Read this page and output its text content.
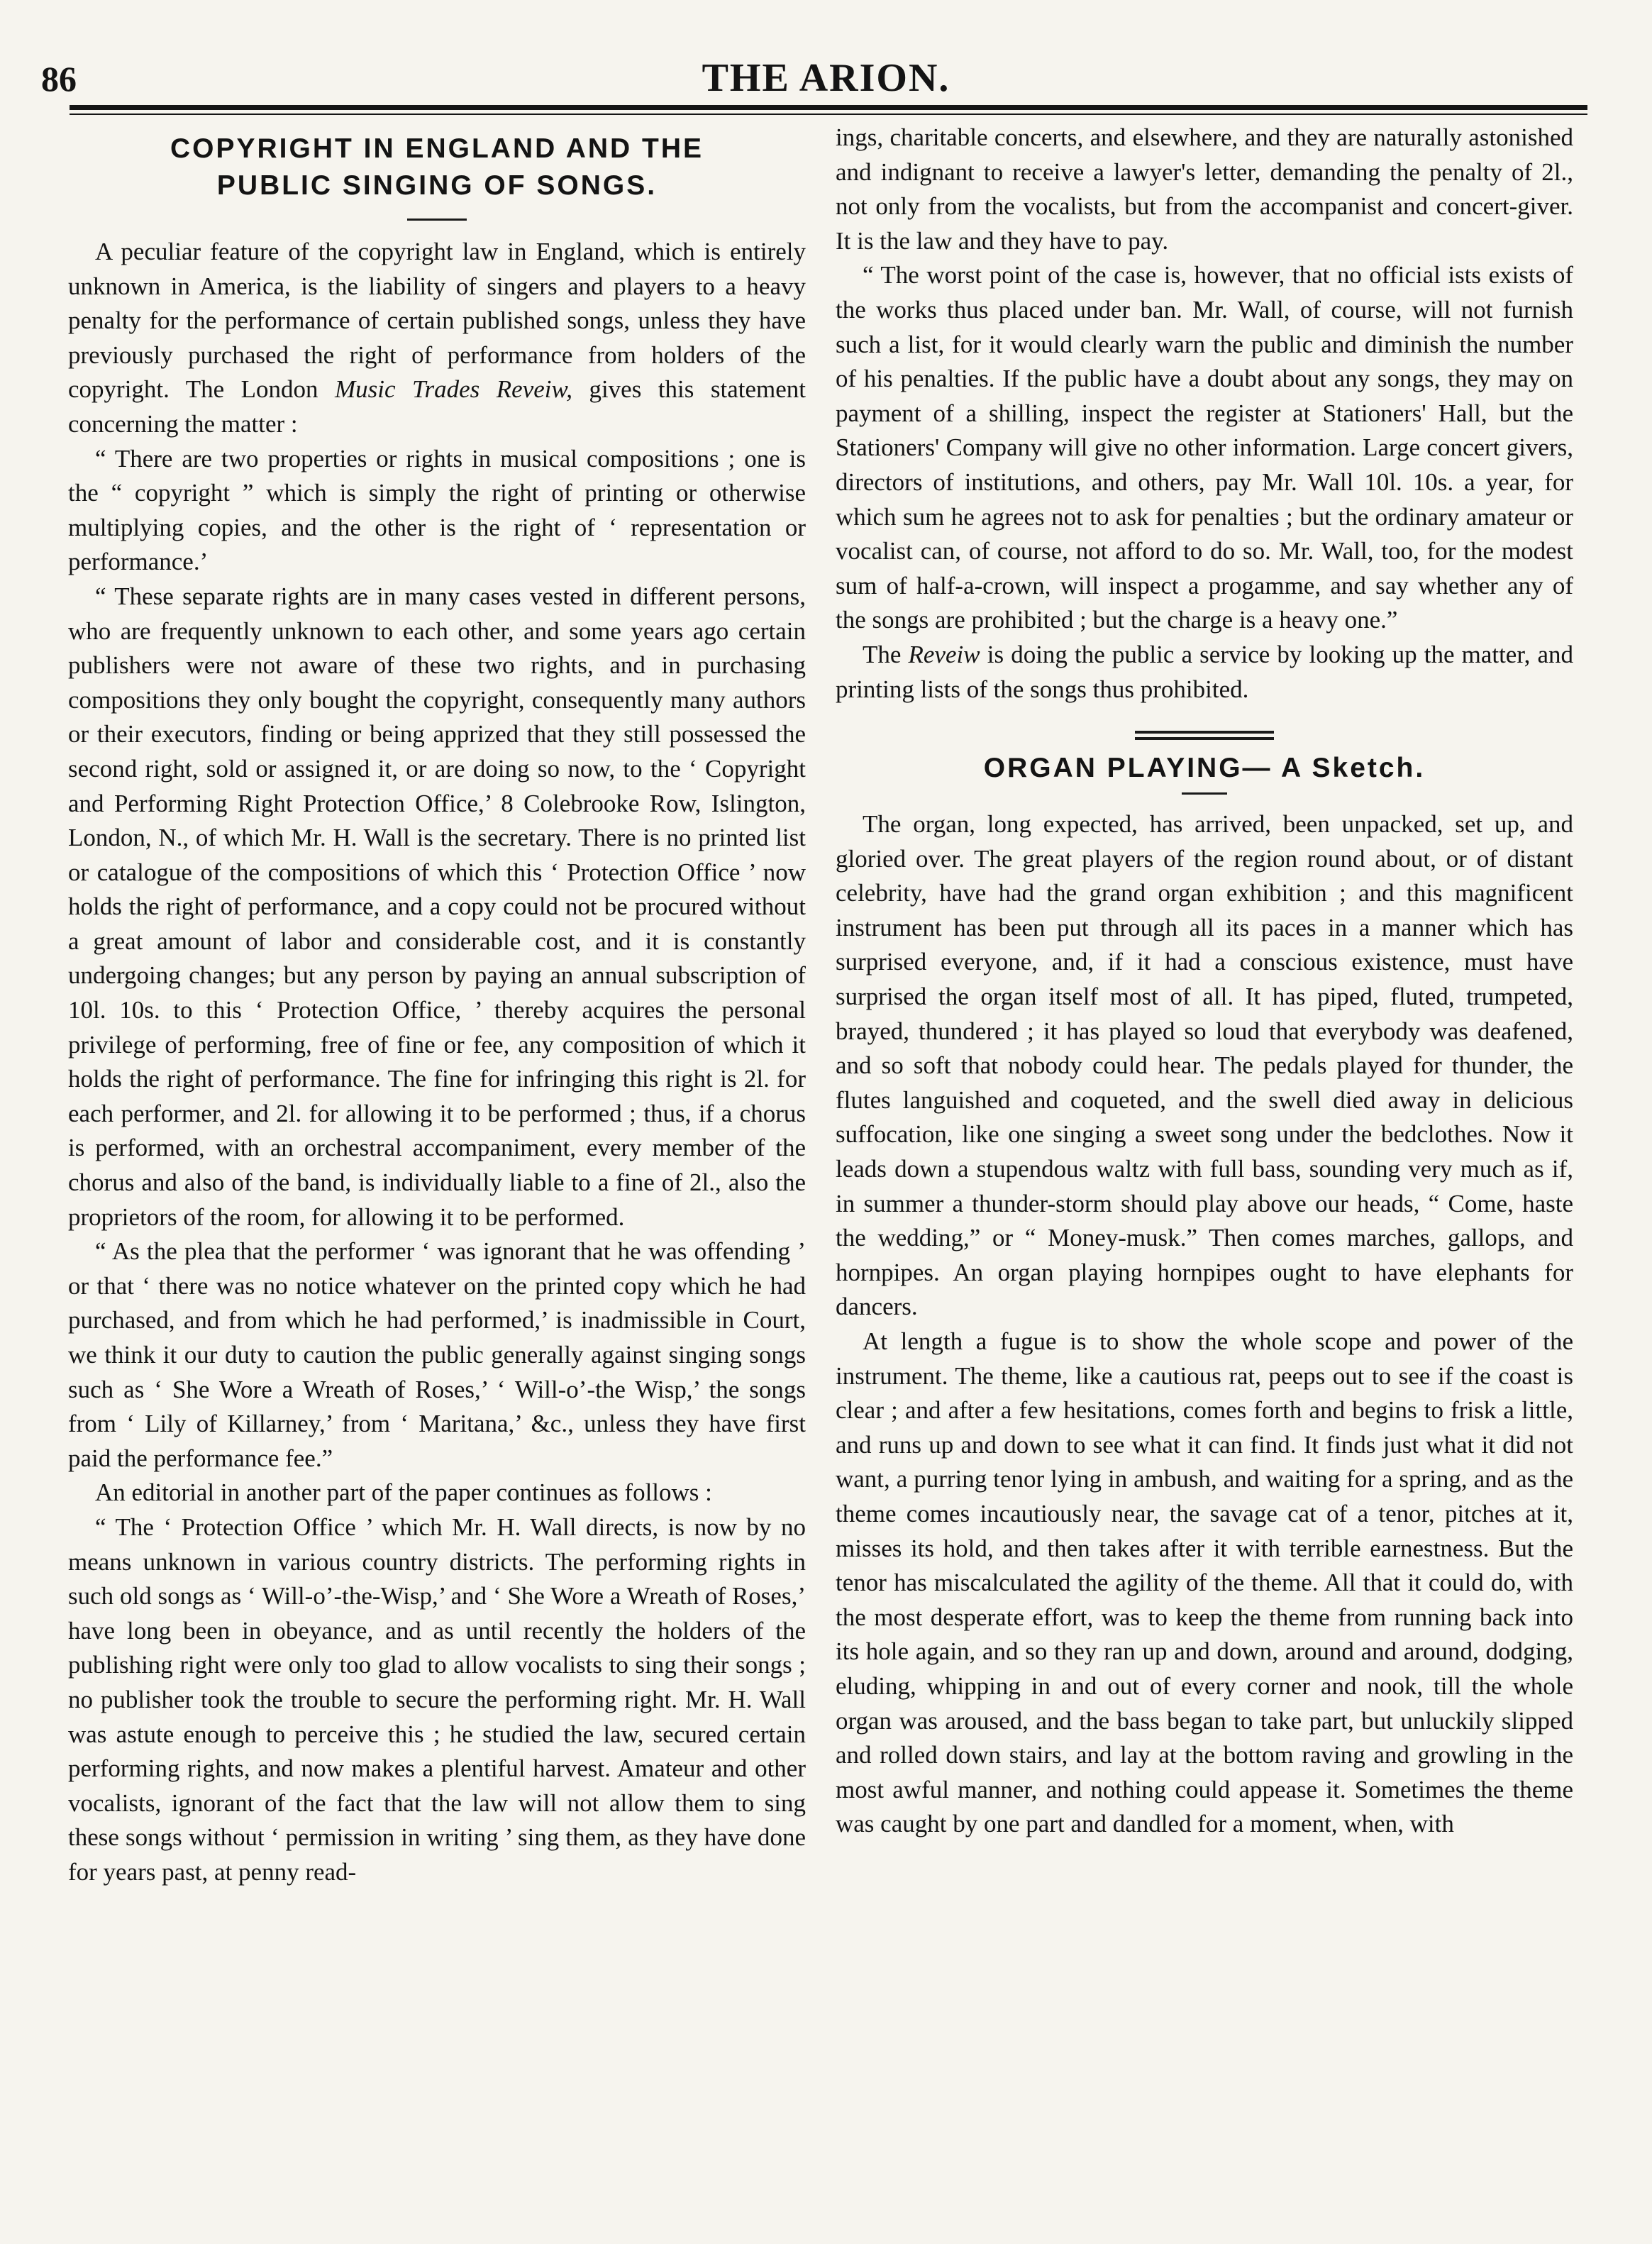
86	THE ARION.
COPYRIGHT IN ENGLAND AND THE
PUBLIC SINGING OF SONGS.

A peculiar feature of the copyright law in England, which is entirely unknown in America, is the liability of singers and players to a heavy penalty for the performance of certain published songs, unless they have previously purchased the right of performance from holders of the copyright. The London Music Trades Reveiw, gives this statement concerning the matter :

“ There are two properties or rights in musical compositions ; one is the “ copyright ” which is simply the right of printing or otherwise multiplying copies, and the other is the right of ‘ representation or performance.’

“ These separate rights are in many cases vested in different persons, who are frequently unknown to each other, and some years ago certain publishers were not aware of these two rights, and in purchasing compositions they only bought the copyright, consequently many authors or their executors, finding or being apprized that they still possessed the second right, sold or assigned it, or are doing so now, to the ‘ Copyright and Performing Right Protection Office,’ 8 Colebrooke Row, Islington, London, N., of which Mr. H. Wall is the secretary. There is no printed list or catalogue of the compositions of which this ‘ Protection Office ’ now holds the right of performance, and a copy could not be procured without a great amount of labor and considerable cost, and it is constantly undergoing changes; but any person by paying an annual subscription of 10l. 10s. to this ‘ Protection Office, ’ thereby acquires the personal privilege of performing, free of fine or fee, any composition of which it holds the right of performance. The fine for infringing this right is 2l. for each performer, and 2l. for allowing it to be performed ; thus, if a chorus is performed, with an orchestral accompaniment, every member of the chorus and also of the band, is individually liable to a fine of 2l., also the proprietors of the room, for allowing it to be performed.

“ As the plea that the performer ‘ was ignorant that he was offending ’ or that ‘ there was no notice whatever on the printed copy which he had purchased, and from which he had performed,’ is inadmissible in Court, we think it our duty to caution the public generally against singing songs such as ‘ She Wore a Wreath of Roses,’ ‘ Will-o’-the Wisp,’ the songs from ‘ Lily of Killarney,’ from ‘ Maritana,’ &c., unless they have first paid the performance fee.”

An editorial in another part of the paper continues as follows :

“ The ‘ Protection Office ’ which Mr. H. Wall directs, is now by no means unknown in various country districts. The performing rights in such old songs as ‘ Will-o’-the-Wisp,’ and ‘ She Wore a Wreath of Roses,’ have long been in obeyance, and as until recently the holders of the publishing right were only too glad to allow vocalists to sing their songs ; no publisher took the trouble to secure the performing right. Mr. H. Wall was astute enough to perceive this ; he studied the law, secured certain performing rights, and now makes a plentiful harvest. Amateur and other vocalists, ignorant of the fact that the law will not allow them to sing these songs without ‘ permission in writing ’ sing them, as they have done for years past, at penny read-

ings, charitable concerts, and elsewhere, and they are naturally astonished and indignant to receive a lawyer's letter, demanding the penalty of 2l., not only from the vocalists, but from the accompanist and concert-giver. It is the law and they have to pay.

“ The worst point of the case is, however, that no official ists exists of the works thus placed under ban. Mr. Wall, of course, will not furnish such a list, for it would clearly warn the public and diminish the number of his penalties. If the public have a doubt about any songs, they may on payment of a shilling, inspect the register at Stationers' Hall, but the Stationers' Company will give no other information. Large concert givers, directors of institutions, and others, pay Mr. Wall 10l. 10s. a year, for which sum he agrees not to ask for penalties ; but the ordinary amateur or vocalist can, of course, not afford to do so. Mr. Wall, too, for the modest sum of half-a-crown, will inspect a progamme, and say whether any of the songs are prohibited ; but the charge is a heavy one.”

The Reveiw is doing the public a service by looking up the matter, and printing lists of the songs thus prohibited.

ORGAN PLAYING— A Sketch.

The organ, long expected, has arrived, been unpacked, set up, and gloried over. The great players of the region round about, or of distant celebrity, have had the grand organ exhibition ; and this magnificent instrument has been put through all its paces in a manner which has surprised everyone, and, if it had a conscious existence, must have surprised the organ itself most of all. It has piped, fluted, trumpeted, brayed, thundered ; it has played so loud that everybody was deafened, and so soft that nobody could hear. The pedals played for thunder, the flutes languished and coqueted, and the swell died away in delicious suffocation, like one singing a sweet song under the bedclothes. Now it leads down a stupendous waltz with full bass, sounding very much as if, in summer a thunder-storm should play above our heads, “ Come, haste the wedding,” or “ Money-musk.” Then comes marches, gallops, and hornpipes. An organ playing hornpipes ought to have elephants for dancers.

At length a fugue is to show the whole scope and power of the instrument. The theme, like a cautious rat, peeps out to see if the coast is clear ; and after a few hesitations, comes forth and begins to frisk a little, and runs up and down to see what it can find. It finds just what it did not want, a purring tenor lying in ambush, and waiting for a spring, and as the theme comes incautiously near, the savage cat of a tenor, pitches at it, misses its hold, and then takes after it with terrible earnestness. But the tenor has miscalculated the agility of the theme. All that it could do, with the most desperate effort, was to keep the theme from running back into its hole again, and so they ran up and down, around and around, dodging, eluding, whipping in and out of every corner and nook, till the whole organ was aroused, and the bass began to take part, but unluckily slipped and rolled down stairs, and lay at the bottom raving and growling in the most awful manner, and nothing could appease it. Sometimes the theme was caught by one part and dandled for a moment, when, with
